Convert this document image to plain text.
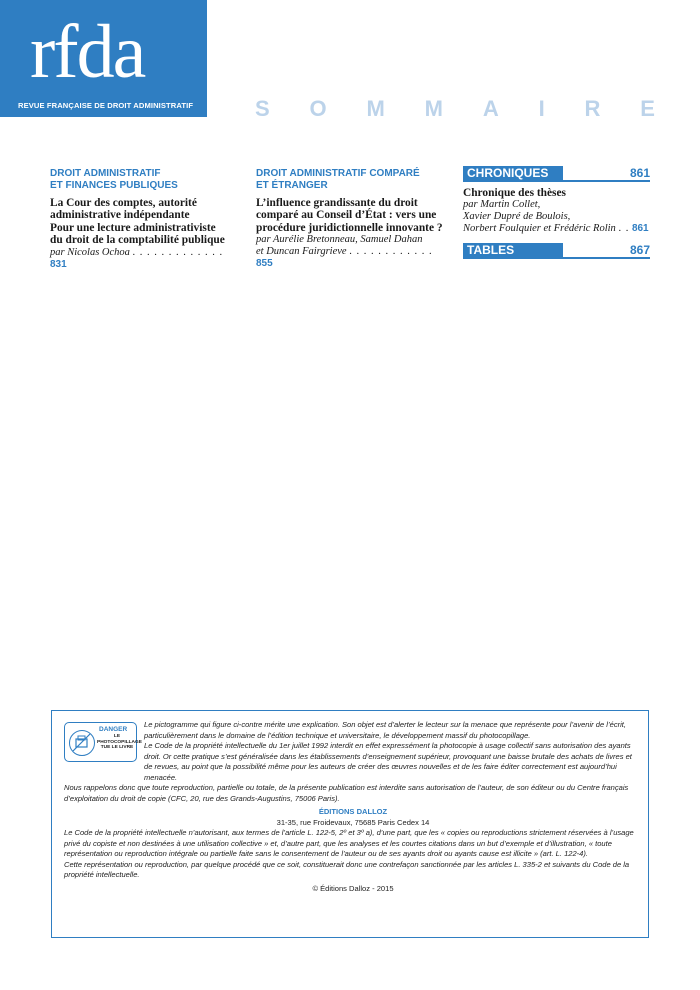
rfda
REVUE FRANÇAISE DE DROIT ADMINISTRATIF	S O M M A I R E
DROIT ADMINISTRATIF
ET FINANCES PUBLIQUES
La Cour des comptes, autorité
administrative indépendante
Pour une lecture administrativiste
du droit de la comptabilité publique
par Nicolas Ochoa . . . . . . . . . . . . . 831
DROIT ADMINISTRATIF COMPARÉ
ET ÉTRANGER
L’influence grandissante du droit
comparé au Conseil d’État : vers une
procédure juridictionnelle innovante ?
par Aurélie Bretonneau, Samuel Dahan
et Duncan Fairgrieve . . . . . . . . . . . . 855
CHRONIQUES	861
Chronique des thèses
par Martin Collet,
Xavier Dupré de Boulois,
Norbert Foulquier et Frédéric Rolin . . 861
TABLES	867
DANGER
LE PHOTOCOPILLAGE TUE LE LIVRE

Le pictogramme qui figure ci-contre mérite une explication. Son objet est d’alerter le lecteur sur la menace que représente pour l’avenir de l’écrit, particulièrement dans le domaine de l’édition technique et universitaire, le développement massif du photocopillage.

Le Code de la propriété intellectuelle du 1er juillet 1992 interdit en effet expressément la photocopie à usage collectif sans autorisation des ayants droit. Or cette pratique s’est généralisée dans les établissements d’enseignement supérieur, provoquant une baisse brutale des achats de livres et de revues, au point que la possibilité même pour les auteurs de créer des œuvres nouvelles et de les faire éditer correctement est aujourd’hui menacée.

Nous rappelons donc que toute reproduction, partielle ou totale, de la présente publication est interdite sans autorisation de l’auteur, de son éditeur ou du Centre français d’exploitation du droit de copie (CFC, 20, rue des Grands-Augustins, 75006 Paris).

ÉDITIONS DALLOZ

31-35, rue Froidevaux, 75685 Paris Cedex 14

Le Code de la propriété intellectuelle n’autorisant, aux termes de l’article L. 122-5, 2º et 3º a), d’une part, que les « copies ou reproductions strictement réservées à l’usage privé du copiste et non destinées à une utilisation collective » et, d’autre part, que les analyses et les courtes citations dans un but d’exemple et d’illustration, « toute représentation ou reproduction intégrale ou partielle faite sans le consentement de l’auteur ou de ses ayants droit ou ayants cause est illicite » (art. L. 122-4).

Cette représentation ou reproduction, par quelque procédé que ce soit, constituerait donc une contrefaçon sanctionnée par les articles L. 335-2 et suivants du Code de la propriété intellectuelle.

© Éditions Dalloz - 2015
